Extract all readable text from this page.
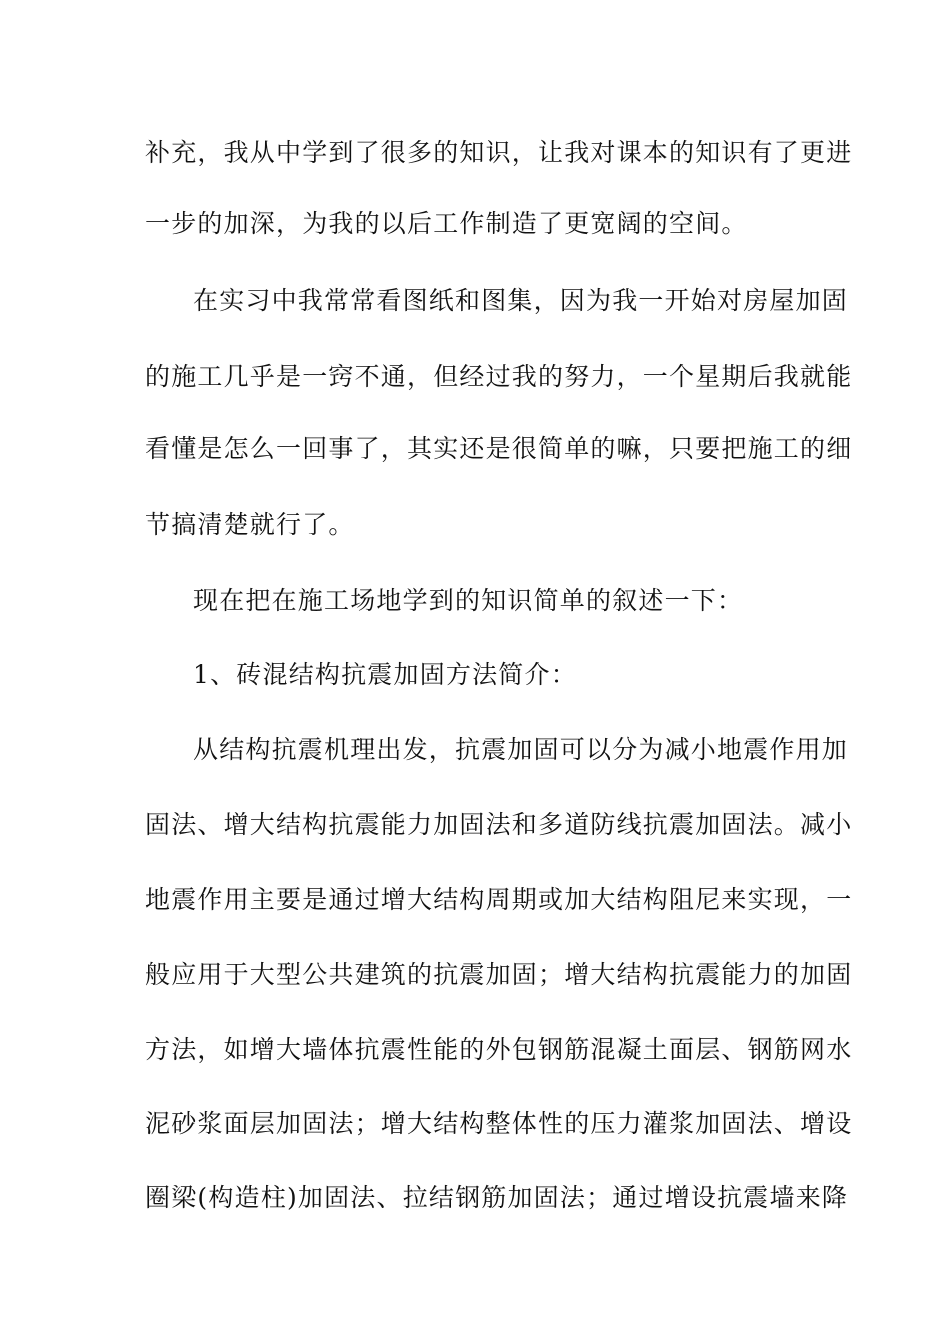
补充，我从中学到了很多的知识，让我对课本的知识有了更进
一步的加深，为我的以后工作制造了更宽阔的空间。
在实习中我常常看图纸和图集，因为我一开始对房屋加固
的施工几乎是一窍不通，但经过我的努力，一个星期后我就能
看懂是怎么一回事了，其实还是很简单的嘛，只要把施工的细
节搞清楚就行了。
现在把在施工场地学到的知识简单的叙述一下：
1、砖混结构抗震加固方法简介：
从结构抗震机理出发，抗震加固可以分为减小地震作用加
固法、增大结构抗震能力加固法和多道防线抗震加固法。减小
地震作用主要是通过增大结构周期或加大结构阻尼来实现，一
般应用于大型公共建筑的抗震加固；增大结构抗震能力的加固
方法，如增大墙体抗震性能的外包钢筋混凝土面层、钢筋网水
泥砂浆面层加固法；增大结构整体性的压力灌浆加固法、增设
圈梁(构造柱)加固法、拉结钢筋加固法；通过增设抗震墙来降
